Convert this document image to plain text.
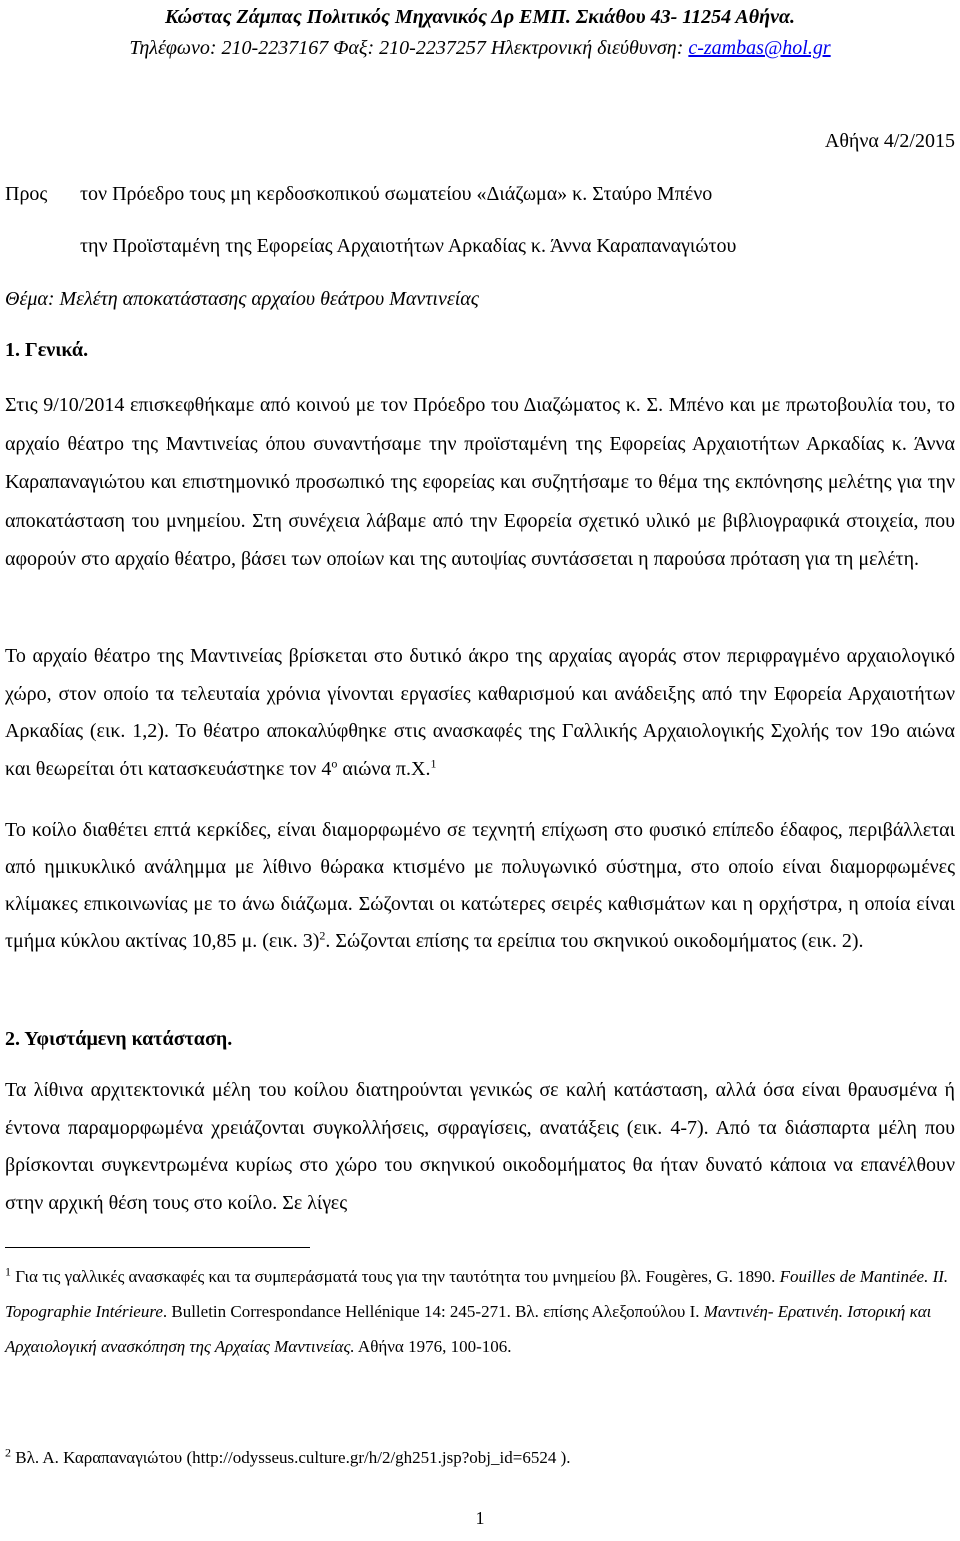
Κώστας Ζάμπας Πολιτικός Μηχανικός Δρ ΕΜΠ. Σκιάθου 43- 11254 Αθήνα.
Τηλέφωνο: 210-2237167 Φαξ: 210-2237257 Ηλεκτρονική διεύθυνση: c-zambas@hol.gr
Αθήνα 4/2/2015
Προς τον Πρόεδρο τους μη κερδοσκοπικού σωματείου «Διάζωμα» κ. Σταύρο Μπένο
την Προϊσταμένη της Εφορείας Αρχαιοτήτων Αρκαδίας κ. Άννα Καραπαναγιώτου
Θέμα: Μελέτη αποκατάστασης αρχαίου θεάτρου Μαντινείας
1. Γενικά.
Στις 9/10/2014 επισκεφθήκαμε από κοινού με τον Πρόεδρο του Διαζώματος κ. Σ. Μπένο και με πρωτοβουλία του, το αρχαίο θέατρο της Μαντινείας όπου συναντήσαμε την προϊσταμένη της Εφορείας Αρχαιοτήτων Αρκαδίας κ. Άννα Καραπαναγιώτου και επιστημονικό προσωπικό της εφορείας και συζητήσαμε το θέμα της εκπόνησης μελέτης για την αποκατάσταση του μνημείου. Στη συνέχεια λάβαμε από την Εφορεία σχετικό υλικό με βιβλιογραφικά στοιχεία, που αφορούν στο αρχαίο θέατρο, βάσει των οποίων και της αυτοψίας συντάσσεται η παρούσα πρόταση για τη μελέτη.
Το αρχαίο θέατρο της Μαντινείας βρίσκεται στο δυτικό άκρο της αρχαίας αγοράς στον περιφραγμένο αρχαιολογικό χώρο, στον οποίο τα τελευταία χρόνια γίνονται εργασίες καθαρισμού και ανάδειξης από την Εφορεία Αρχαιοτήτων Αρκαδίας (εικ. 1,2). Το θέατρο αποκαλύφθηκε στις ανασκαφές της Γαλλικής Αρχαιολογικής Σχολής τον 19ο αιώνα και θεωρείται ότι κατασκευάστηκε τον $4^o$ αιώνα π.Χ.$^1$
Το κοίλο διαθέτει επτά κερκίδες, είναι διαμορφωμένο σε τεχνητή επίχωση στο φυσικό επίπεδο έδαφος, περιβάλλεται από ημικυκλικό ανάλημμα με λίθινο θώρακα κτισμένο με πολυγωνικό σύστημα, στο οποίο είναι διαμορφωμένες κλίμακες επικοινωνίας με το άνω διάζωμα. Σώζονται οι κατώτερες σειρές καθισμάτων και η ορχήστρα, η οποία είναι τμήμα κύκλου ακτίνας 10,85 μ. (εικ. 3)$^2$. Σώζονται επίσης τα ερείπια του σκηνικού οικοδομήματος (εικ. 2).
2. Υφιστάμενη κατάσταση.
Τα λίθινα αρχιτεκτονικά μέλη του κοίλου διατηρούνται γενικώς σε καλή κατάσταση, αλλά όσα είναι θραυσμένα ή έντονα παραμορφωμένα χρειάζονται συγκολλήσεις, σφραγίσεις, ανατάξεις (εικ. 4-7). Από τα διάσπαρτα μέλη που βρίσκονται συγκεντρωμένα κυρίως στο χώρο του σκηνικού οικοδομήματος θα ήταν δυνατό κάποια να επανέλθουν στην αρχική θέση τους στο κοίλο. Σε λίγες
$^1$ Για τις γαλλικές ανασκαφές και τα συμπεράσματά τους για την ταυτότητα του μνημείου βλ. Fougères, G. 1890. Fouilles de Mantinée. II. Topographie Intérieure. Bulletin Correspondance Hellénique 14: 245-271. Βλ. επίσης Αλεξοπούλου Ι. Μαντινέη- Ερατινέη. Ιστορική και Αρχαιολογική ανασκόπηση της Αρχαίας Μαντινείας. Αθήνα 1976, 100-106.
$^2$ Βλ. Α. Καραπαναγιώτου (http://odysseus.culture.gr/h/2/gh251.jsp?obj_id=6524 ).
1
